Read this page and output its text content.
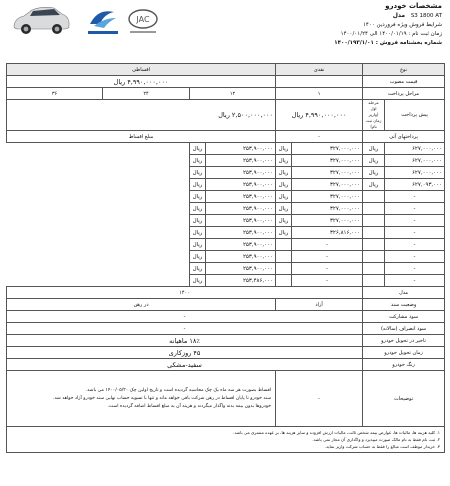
JAC
مشخصات خودرو
مدل S3 1800 AT
شرایط فروش ویژه فروردین ۱۴۰۰
زمان ثبت نام : ۱۴۰۰/۰۱/۱۹ الی ۱۴۰۰/۰۱/۲۴
شماره بخشنامه فروش : ۱۴۰۰/۱۹۳/۱/۰۱
نوع		نقدی		اقساطی			
قیمت مصوب				۴,۹۹۰,۰۰۰,۰۰۰ ریال			
مراحل پرداخت		۱		۱۲		۲۴	۳۶
پیش پرداخت	مرحله اول (واریز زمان ثبت نام)	۴,۹۹۰,۰۰۰,۰۰۰ ریال		۲,۵۰۰,۰۰۰,۰۰۰ ریال			
پرداختهای آتی		-		مبلغ اقساط			
۶۲۷,۰۰۰,۰۰۰	ریال	۳۲۷,۰۰۰,۰۰۰	ریال	۲۵۳,۹۰۰,۰۰۰	ریال		
۶۲۷,۰۰۰,۰۰۰	ریال	۳۲۷,۰۰۰,۰۰۰	ریال	۲۵۳,۹۰۰,۰۰۰	ریال		
۶۲۷,۰۰۰,۰۰۰	ریال	۳۲۷,۰۰۰,۰۰۰	ریال	۲۵۳,۹۰۰,۰۰۰	ریال		
۶۲۷,۰۹۳,۰۰۰	ریال	۳۲۷,۰۰۰,۰۰۰	ریال	۲۵۳,۹۰۰,۰۰۰	ریال		
-		۳۲۷,۰۰۰,۰۰۰	ریال	۲۵۳,۹۰۰,۰۰۰	ریال		
-		۳۲۷,۰۰۰,۰۰۰	ریال	۲۵۳,۹۰۰,۰۰۰	ریال		
-		۳۲۷,۰۰۰,۰۰۰	ریال	۲۵۳,۹۰۰,۰۰۰	ریال		
-		۳۲۶,۸۱۶,۰۰۰	ریال	۲۵۳,۹۰۰,۰۰۰	ریال		
-		-		۲۵۳,۹۰۰,۰۰۰	ریال		
-		-		۲۵۳,۹۰۰,۰۰۰	ریال		
-		-		۲۵۳,۹۰۰,۰۰۰	ریال		
-		-		۲۵۳,۴۸۶,۰۰۰	ریال		
مدل		۱۴۰۰					
وضعیت سند		آزاد		در رهن			
سود مشارکت		-					
سود انصراف (سالانه)		-					
تاخیر در تحویل خودرو		۱۸٪ ماهیانه					
زمان تحویل خودرو		۴۵ روزکاری					
رنگ خودرو		سفید-مشکی					
توضیحات		-		اقساط بصورت هر سه ماه یک چک محاسبه گردیده است و تاریخ اولین چک ۱۴۰۰/۰۵/۲۰ می باشد.
سند خودرو تا پایان اقساط در رهن شرکت باقی خواهد ماند و تنها با تسویه حساب نهایی سند خودرو آزاد خواهد شد.
خودروها بدون بیمه بدنه واگذار میگردند و هزینه آن به مبلغ اقساط اضافه گردیده است.			

۱. کلیه هزینه ها، مالیات ها، عوارض بیمه شخص ثالث، مالیات ارزش افزوده و سایر هزینه ها، بر عهده مشتری می باشد.
۲. ثبت نام فقط به نام مالک صورت میپذیرد و واگذاری آن مجاز نمی باشد.
۳. خریدار موظف است مبالغ را فقط به حساب شرکت واریز نماید.							
